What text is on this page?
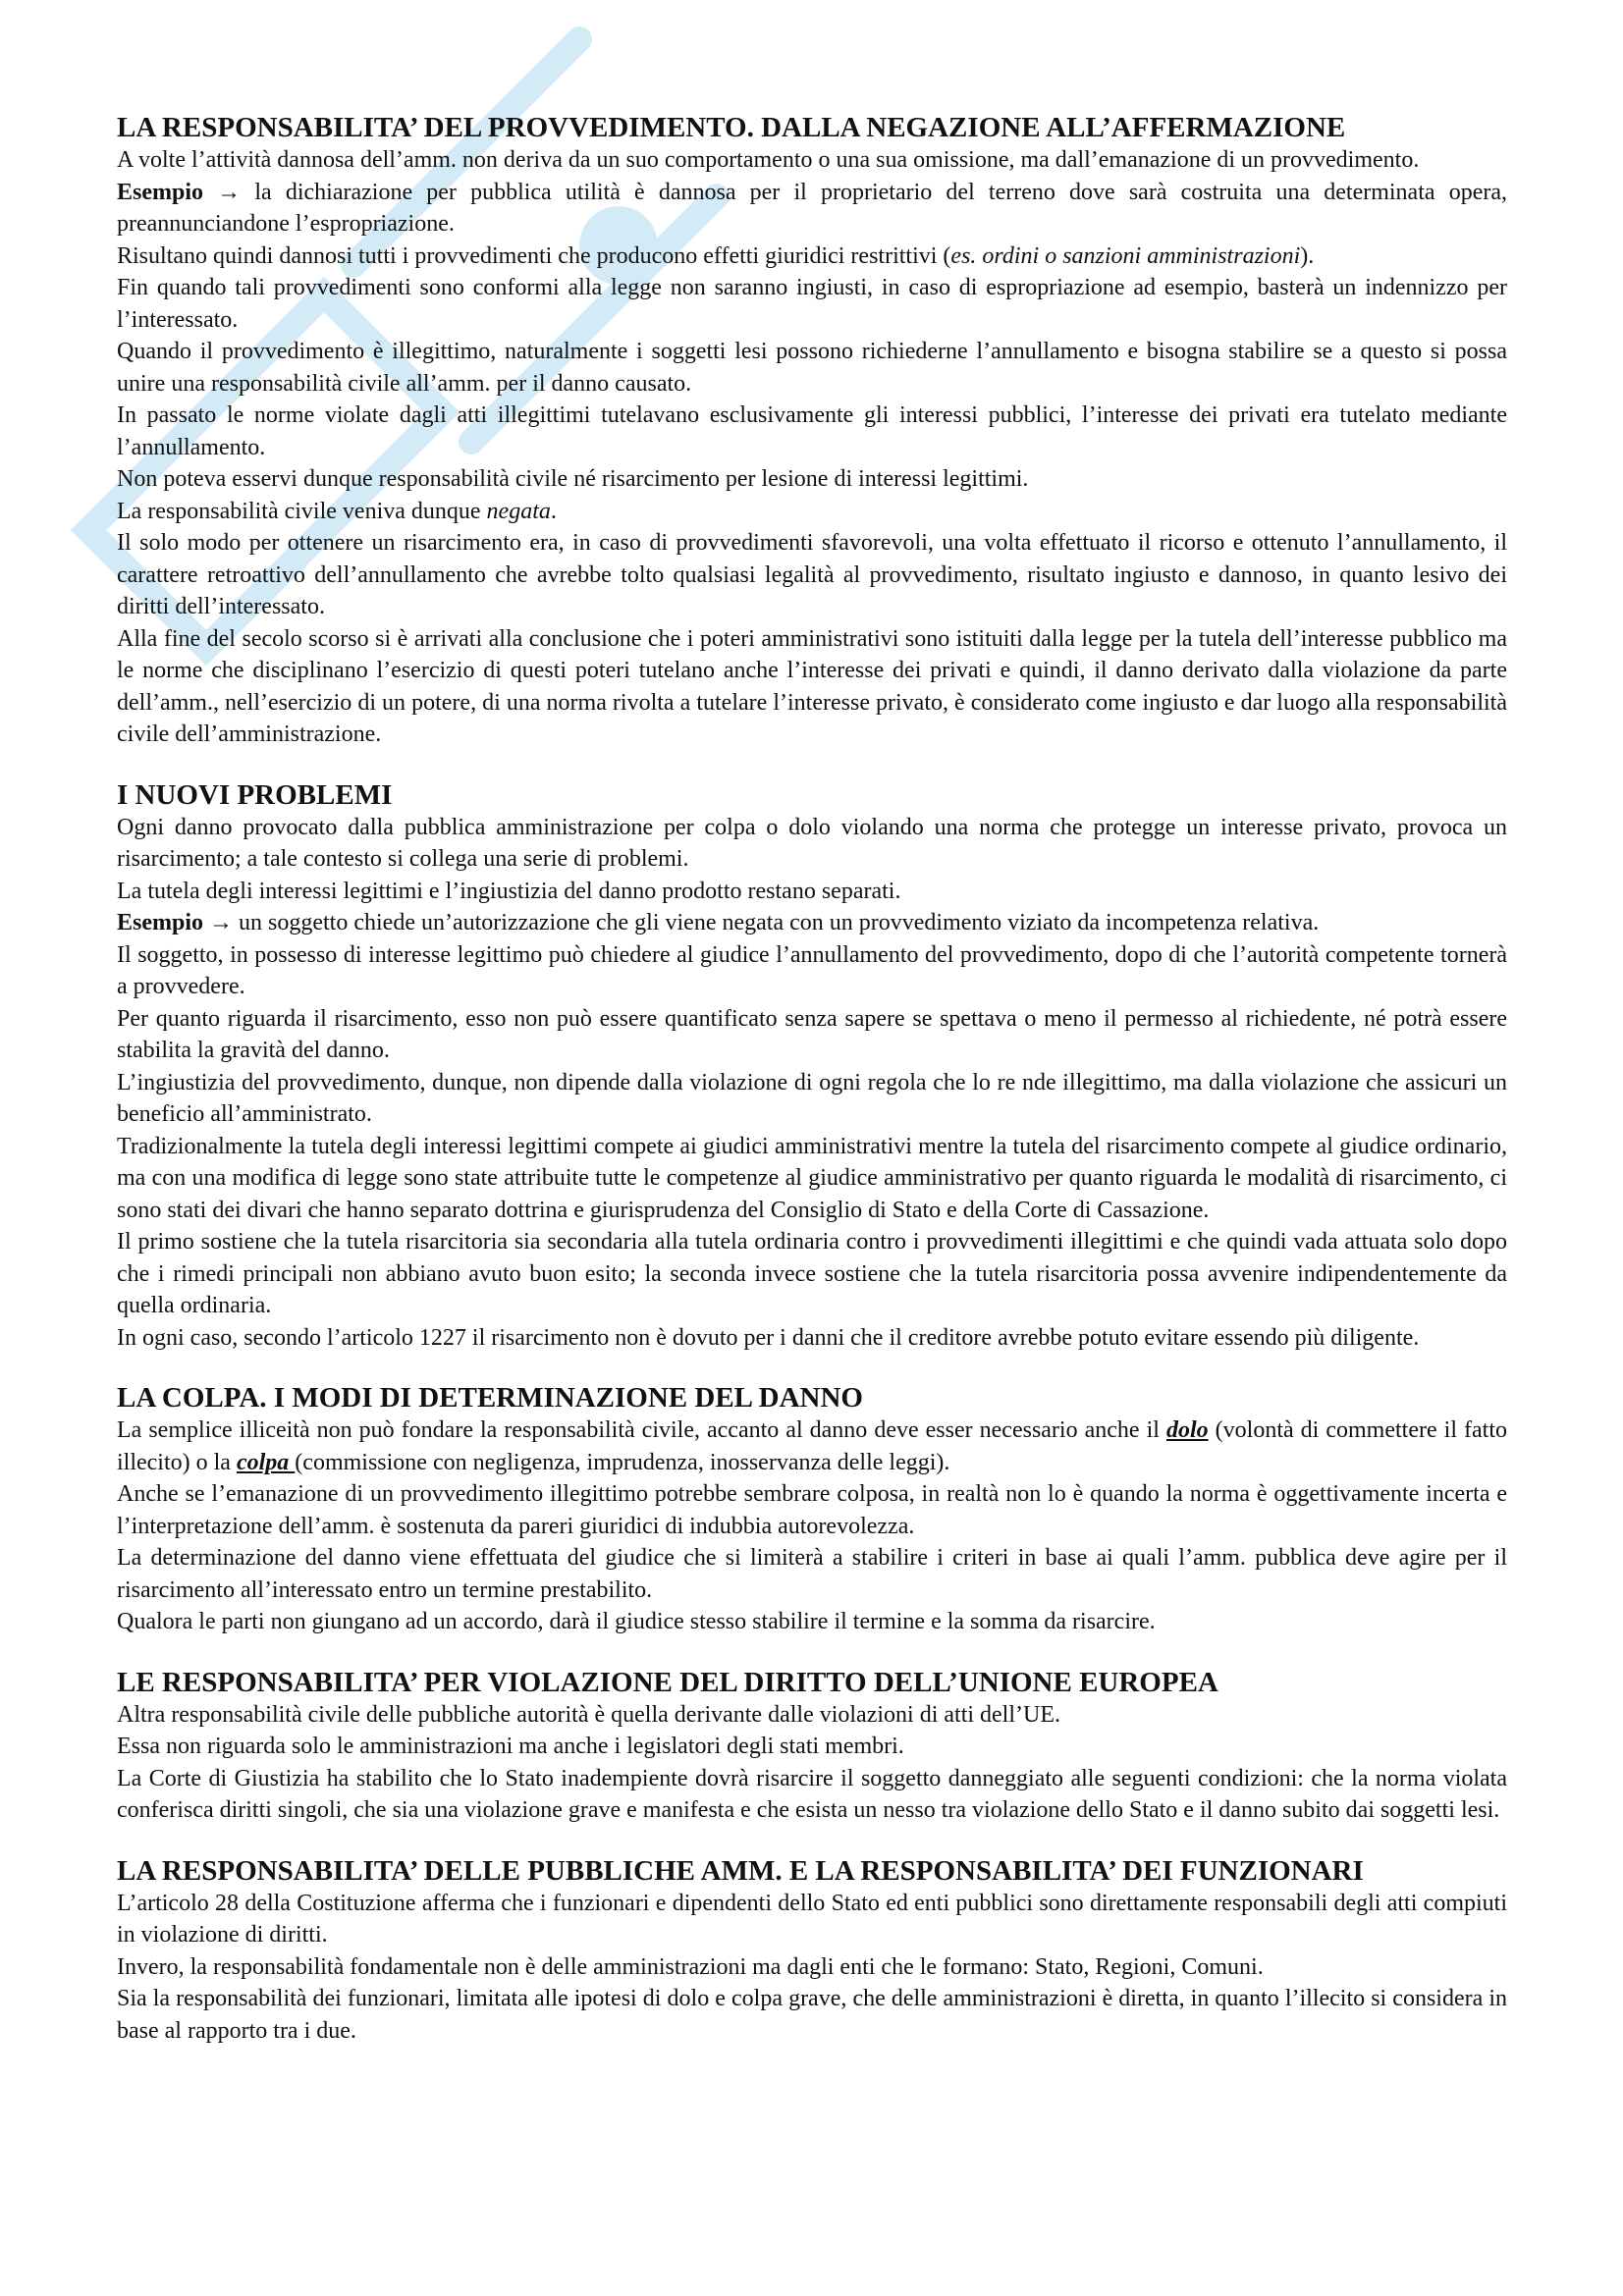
LA RESPONSABILITA’ DEL PROVVEDIMENTO. DALLA NEGAZIONE ALL’AFFERMAZIONE

A volte l’attività dannosa dell’amm. non deriva da un suo comportamento o una sua omissione, ma dall’emanazione di un provvedimento.

Esempio → la dichiarazione per pubblica utilità è dannosa per il proprietario del terreno dove sarà costruita una determinata opera, preannunciandone l’espropriazione.

Risultano quindi dannosi tutti i provvedimenti che producono effetti giuridici restrittivi (es. ordini o sanzioni amministrazioni).

Fin quando tali provvedimenti sono conformi alla legge non saranno ingiusti, in caso di espropriazione ad esempio, basterà un indennizzo per l’interessato.

Quando il provvedimento è illegittimo, naturalmente i soggetti lesi possono richiederne l’annullamento e bisogna stabilire se a questo si possa unire una responsabilità civile all’amm. per il danno causato.

In passato le norme violate dagli atti illegittimi tutelavano esclusivamente gli interessi pubblici, l’interesse dei privati era tutelato mediante l’annullamento.

Non poteva esservi dunque responsabilità civile né risarcimento per lesione di interessi legittimi.

La responsabilità civile veniva dunque negata.

Il solo modo per ottenere un risarcimento era, in caso di provvedimenti sfavorevoli, una volta effettuato il ricorso e ottenuto l’annullamento, il carattere retroattivo dell’annullamento che avrebbe tolto qualsiasi legalità al provvedimento, risultato ingiusto e dannoso, in quanto lesivo dei diritti dell’interessato.

Alla fine del secolo scorso si è arrivati alla conclusione che i poteri amministrativi sono istituiti dalla legge per la tutela dell’interesse pubblico ma le norme che disciplinano l’esercizio di questi poteri tutelano anche l’interesse dei privati e quindi, il danno derivato dalla violazione da parte dell’amm., nell’esercizio di un potere, di una norma rivolta a tutelare l’interesse privato, è considerato come ingiusto e dar luogo alla responsabilità civile dell’amministrazione.

I NUOVI PROBLEMI

Ogni danno provocato dalla pubblica amministrazione per colpa o dolo violando una norma che protegge un interesse privato, provoca un risarcimento; a tale contesto si collega una serie di problemi.

La tutela degli interessi legittimi e l’ingiustizia del danno prodotto restano separati.

Esempio → un soggetto chiede un’autorizzazione che gli viene negata con un provvedimento viziato da incompetenza relativa.

Il soggetto, in possesso di interesse legittimo può chiedere al giudice l’annullamento del provvedimento, dopo di che l’autorità competente tornerà a provvedere.

Per quanto riguarda il risarcimento, esso non può essere quantificato senza sapere se spettava o meno il permesso al richiedente, né potrà essere stabilita la gravità del danno.

L’ingiustizia del provvedimento, dunque, non dipende dalla violazione di ogni regola che lo re nde illegittimo, ma dalla violazione che assicuri un beneficio all’amministrato.

Tradizionalmente la tutela degli interessi legittimi compete ai giudici amministrativi mentre la tutela del risarcimento compete al giudice ordinario, ma con una modifica di legge sono state attribuite tutte le competenze al giudice amministrativo per quanto riguarda le modalità di risarcimento, ci sono stati dei divari che hanno separato dottrina e giurisprudenza del Consiglio di Stato e della Corte di Cassazione.

Il primo sostiene che la tutela risarcitoria sia secondaria alla tutela ordinaria contro i provvedimenti illegittimi e che quindi vada attuata solo dopo che i rimedi principali non abbiano avuto buon esito; la seconda invece sostiene che la tutela risarcitoria possa avvenire indipendentemente da quella ordinaria.

In ogni caso, secondo l’articolo 1227 il risarcimento non è dovuto per i danni che il creditore avrebbe potuto evitare essendo più diligente.

LA COLPA. I MODI DI DETERMINAZIONE DEL DANNO

La semplice illiceità non può fondare la responsabilità civile, accanto al danno deve esser necessario anche il dolo (volontà di commettere il fatto illecito) o la colpa (commissione con negligenza, imprudenza, inosservanza delle leggi).

Anche se l’emanazione di un provvedimento illegittimo potrebbe sembrare colposa, in realtà non lo è quando la norma è oggettivamente incerta e l’interpretazione dell’amm. è sostenuta da pareri giuridici di indubbia autorevolezza.

La determinazione del danno viene effettuata del giudice che si limiterà a stabilire i criteri in base ai quali l’amm. pubblica deve agire per il risarcimento all’interessato entro un termine prestabilito.

Qualora le parti non giungano ad un accordo, darà il giudice stesso stabilire il termine e la somma da risarcire.

LE RESPONSABILITA’ PER VIOLAZIONE DEL DIRITTO DELL’UNIONE EUROPEA

Altra responsabilità civile delle pubbliche autorità è quella derivante dalle violazioni di atti dell’UE.

Essa non riguarda solo le amministrazioni ma anche i legislatori degli stati membri.

La Corte di Giustizia ha stabilito che lo Stato inadempiente dovrà risarcire il soggetto danneggiato alle seguenti condizioni: che la norma violata conferisca diritti singoli, che sia una violazione grave e manifesta e che esista un nesso tra violazione dello Stato e il danno subito dai soggetti lesi.

LA RESPONSABILITA’ DELLE PUBBLICHE AMM. E LA RESPONSABILITA’ DEI FUNZIONARI

L’articolo 28 della Costituzione afferma che i funzionari e dipendenti dello Stato ed enti pubblici sono direttamente responsabili degli atti compiuti in violazione di diritti.

Invero, la responsabilità fondamentale non è delle amministrazioni ma dagli enti che le formano: Stato, Regioni, Comuni.

Sia la responsabilità dei funzionari, limitata alle ipotesi di dolo e colpa grave, che delle amministrazioni è diretta, in quanto l’illecito si considera in base al rapporto tra i due.
